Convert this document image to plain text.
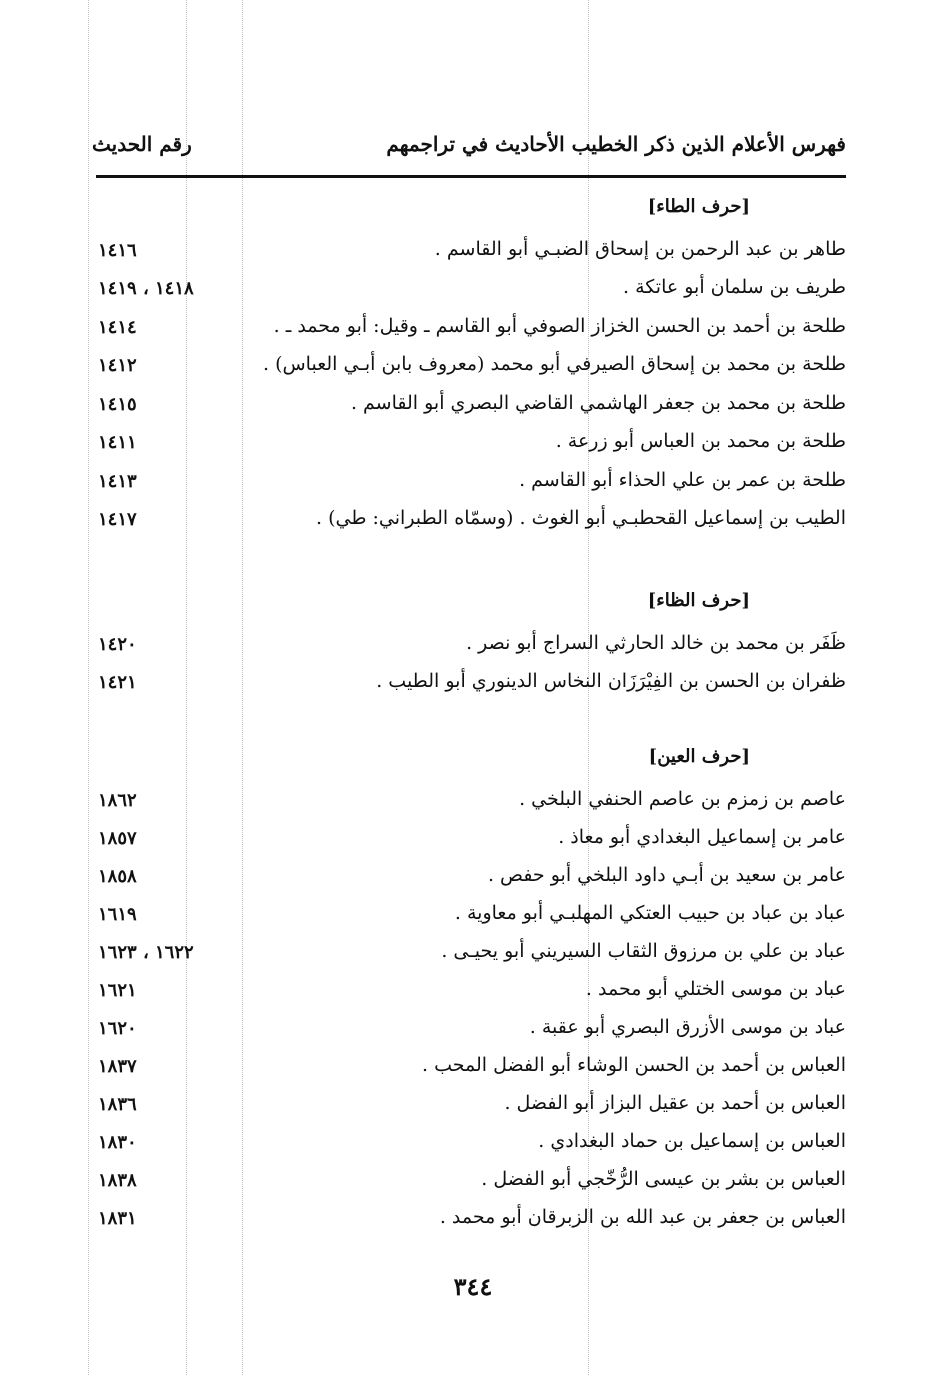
فهرس الأعلام الذين ذكر الخطيب الأحاديث في تراجمهم
رقم الحديث
[حرف الطاء]
طاهر بن عبد الرحمن بن إسحاق الضبـي أبو القاسم .
١٤١٦
طريف بن سلمان أبو عاتكة .
١٤١٨ ، ١٤١٩
طلحة بن أحمد بن الحسن الخزاز الصوفي أبو القاسم ـ وقيل: أبو محمد ـ .
١٤١٤
طلحة بن محمد بن إسحاق الصيرفي أبو محمد (معروف بابن أبـي العباس) .
١٤١٢
طلحة بن محمد بن جعفر الهاشمي القاضي البصري أبو القاسم .
١٤١٥
طلحة بن محمد بن العباس أبو زرعة .
١٤١١
طلحة بن عمر بن علي الحذاء أبو القاسم .
١٤١٣
الطيب بن إسماعيل القحطبـي أبو الغوث . (وسمّاه الطبراني: طي) .
١٤١٧
[حرف الظاء]
ظَفَر بن محمد بن خالد الحارثي السراج أبو نصر .
١٤٢٠
ظفران بن الحسن بن الفِيْرَزَان النخاس الدينوري أبو الطيب .
١٤٢١
[حرف العين]
عاصم بن زمزم بن عاصم الحنفي البلخي .
١٨٦٢
عامر بن إسماعيل البغدادي أبو معاذ .
١٨٥٧
عامر بن سعيد بن أبـي داود البلخي أبو حفص .
١٨٥٨
عباد بن عباد بن حبيب العتكي المهلبـي أبو معاوية .
١٦١٩
عباد بن علي بن مرزوق الثقاب السيريني أبو يحيـى .
١٦٢٢ ، ١٦٢٣
عباد بن موسى الختلي أبو محمد .
١٦٢١
عباد بن موسى الأزرق البصري أبو عقبة .
١٦٢٠
العباس بن أحمد بن الحسن الوشاء أبو الفضل المحب .
١٨٣٧
العباس بن أحمد بن عقيل البزاز أبو الفضل .
١٨٣٦
العباس بن إسماعيل بن حماد البغدادي .
١٨٣٠
العباس بن بشر بن عيسى الرُّخّجي أبو الفضل .
١٨٣٨
العباس بن جعفر بن عبد الله بن الزبرقان أبو محمد .
١٨٣١
٣٤٤
